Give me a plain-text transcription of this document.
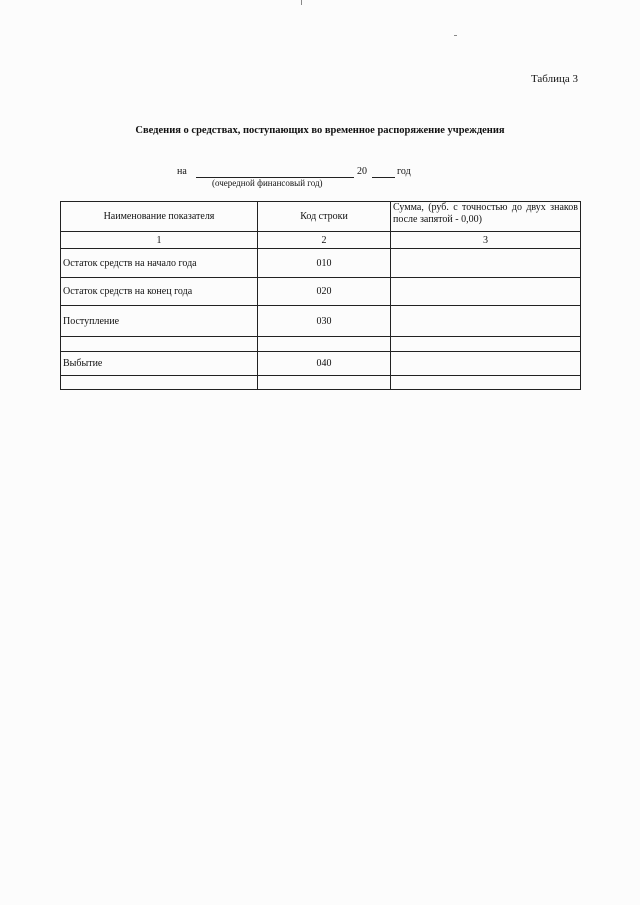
Таблица 3
Сведения о средствах, поступающих во временное распоряжение учреждения
на	20	год
(очередной финансовый год)
Наименование показателя	Код строки	Сумма, (руб. с точностью до двух знаков после запятой - 0,00)
1	2	3
Остаток средств на начало года	010	
Остаток средств на конец года	020	
Поступление	030	

Выбытие	040	
